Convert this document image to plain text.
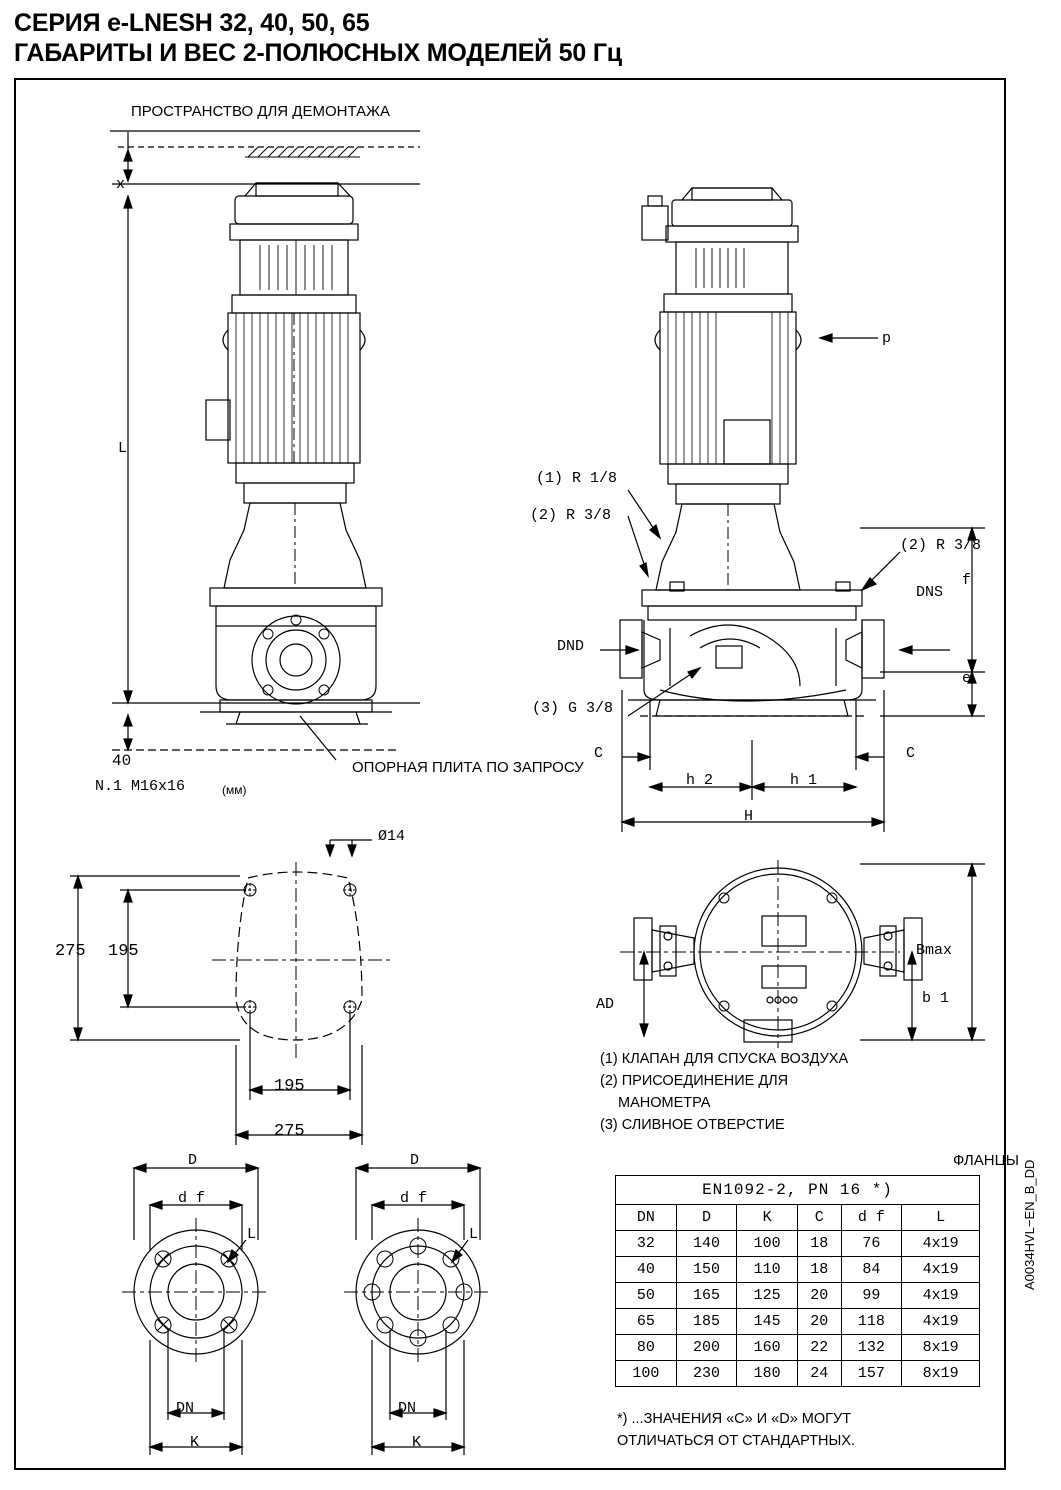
СЕРИЯ e-LNESH 32, 40, 50, 65
ГАБАРИТЫ И ВЕС 2-ПОЛЮСНЫХ МОДЕЛЕЙ 50 Гц
ПРОСТРАНСТВО ДЛЯ ДЕМОНТАЖА
x
L
40
N.1 M16x16	(мм)
ОПОРНАЯ ПЛИТА ПО ЗАПРОСУ
(1) R 1/8
(2) R 3/8
(2) R 3/8
(3) G 3/8
p
DNS
DND
f
e
C	C
h 2	h 1
H
Ø14
275 195
195
275
Bmax
b 1
AD
D
d f
L
DN
K
D
d f
L
DN
K
(1) КЛАПАН ДЛЯ СПУСКА ВОЗДУХА
(2) ПРИСОЕДИНЕНИЕ ДЛЯ
МАНОМЕТРА
(3) СЛИВНОЕ ОТВЕРСТИЕ
ФЛАНЦЫ
EN1092-2, PN 16 *)					
DN	D	K	C	d f	L
32	140	100	18	76	4x19
40	150	110	18	84	4x19
50	165	125	20	99	4x19
65	185	145	20	118	4x19
80	200	160	22	132	8x19
100	230	180	24	157	8x19
*) ...ЗНАЧЕНИЯ «C» И «D» МОГУТ
ОТЛИЧАТЬСЯ ОТ СТАНДАРТНЫХ.
A0034HVL−EN_B_DD
